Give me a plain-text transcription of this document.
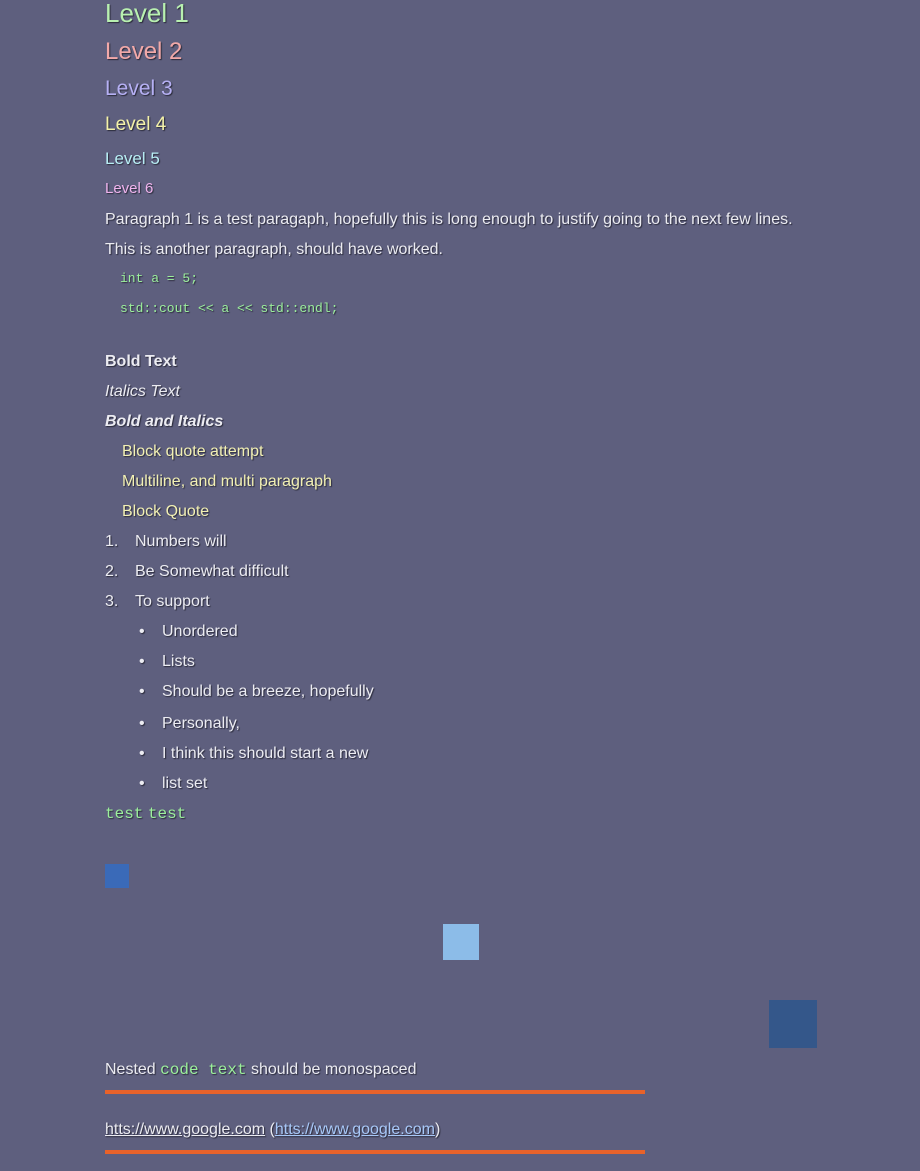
Level 1
Level 2
Level 3
Level 4
Level 5
Level 6
Paragraph 1 is a test paragaph, hopefully this is long enough to justify going to the next few lines.
This is another paragraph, should have worked.
int a = 5;
std::cout << a << std::endl;
Bold Text
Italics Text
Bold and Italics
Block quote attempt
Multiline, and multi paragraph
Block Quote
1. Numbers will
2. Be Somewhat difficult
3. To support
• Unordered
• Lists
• Should be a breeze, hopefully
• Personally,
• I think this should start a new
• list set
test test
Nested code text should be monospaced
htts://www.google.com (htts://www.google.com)
